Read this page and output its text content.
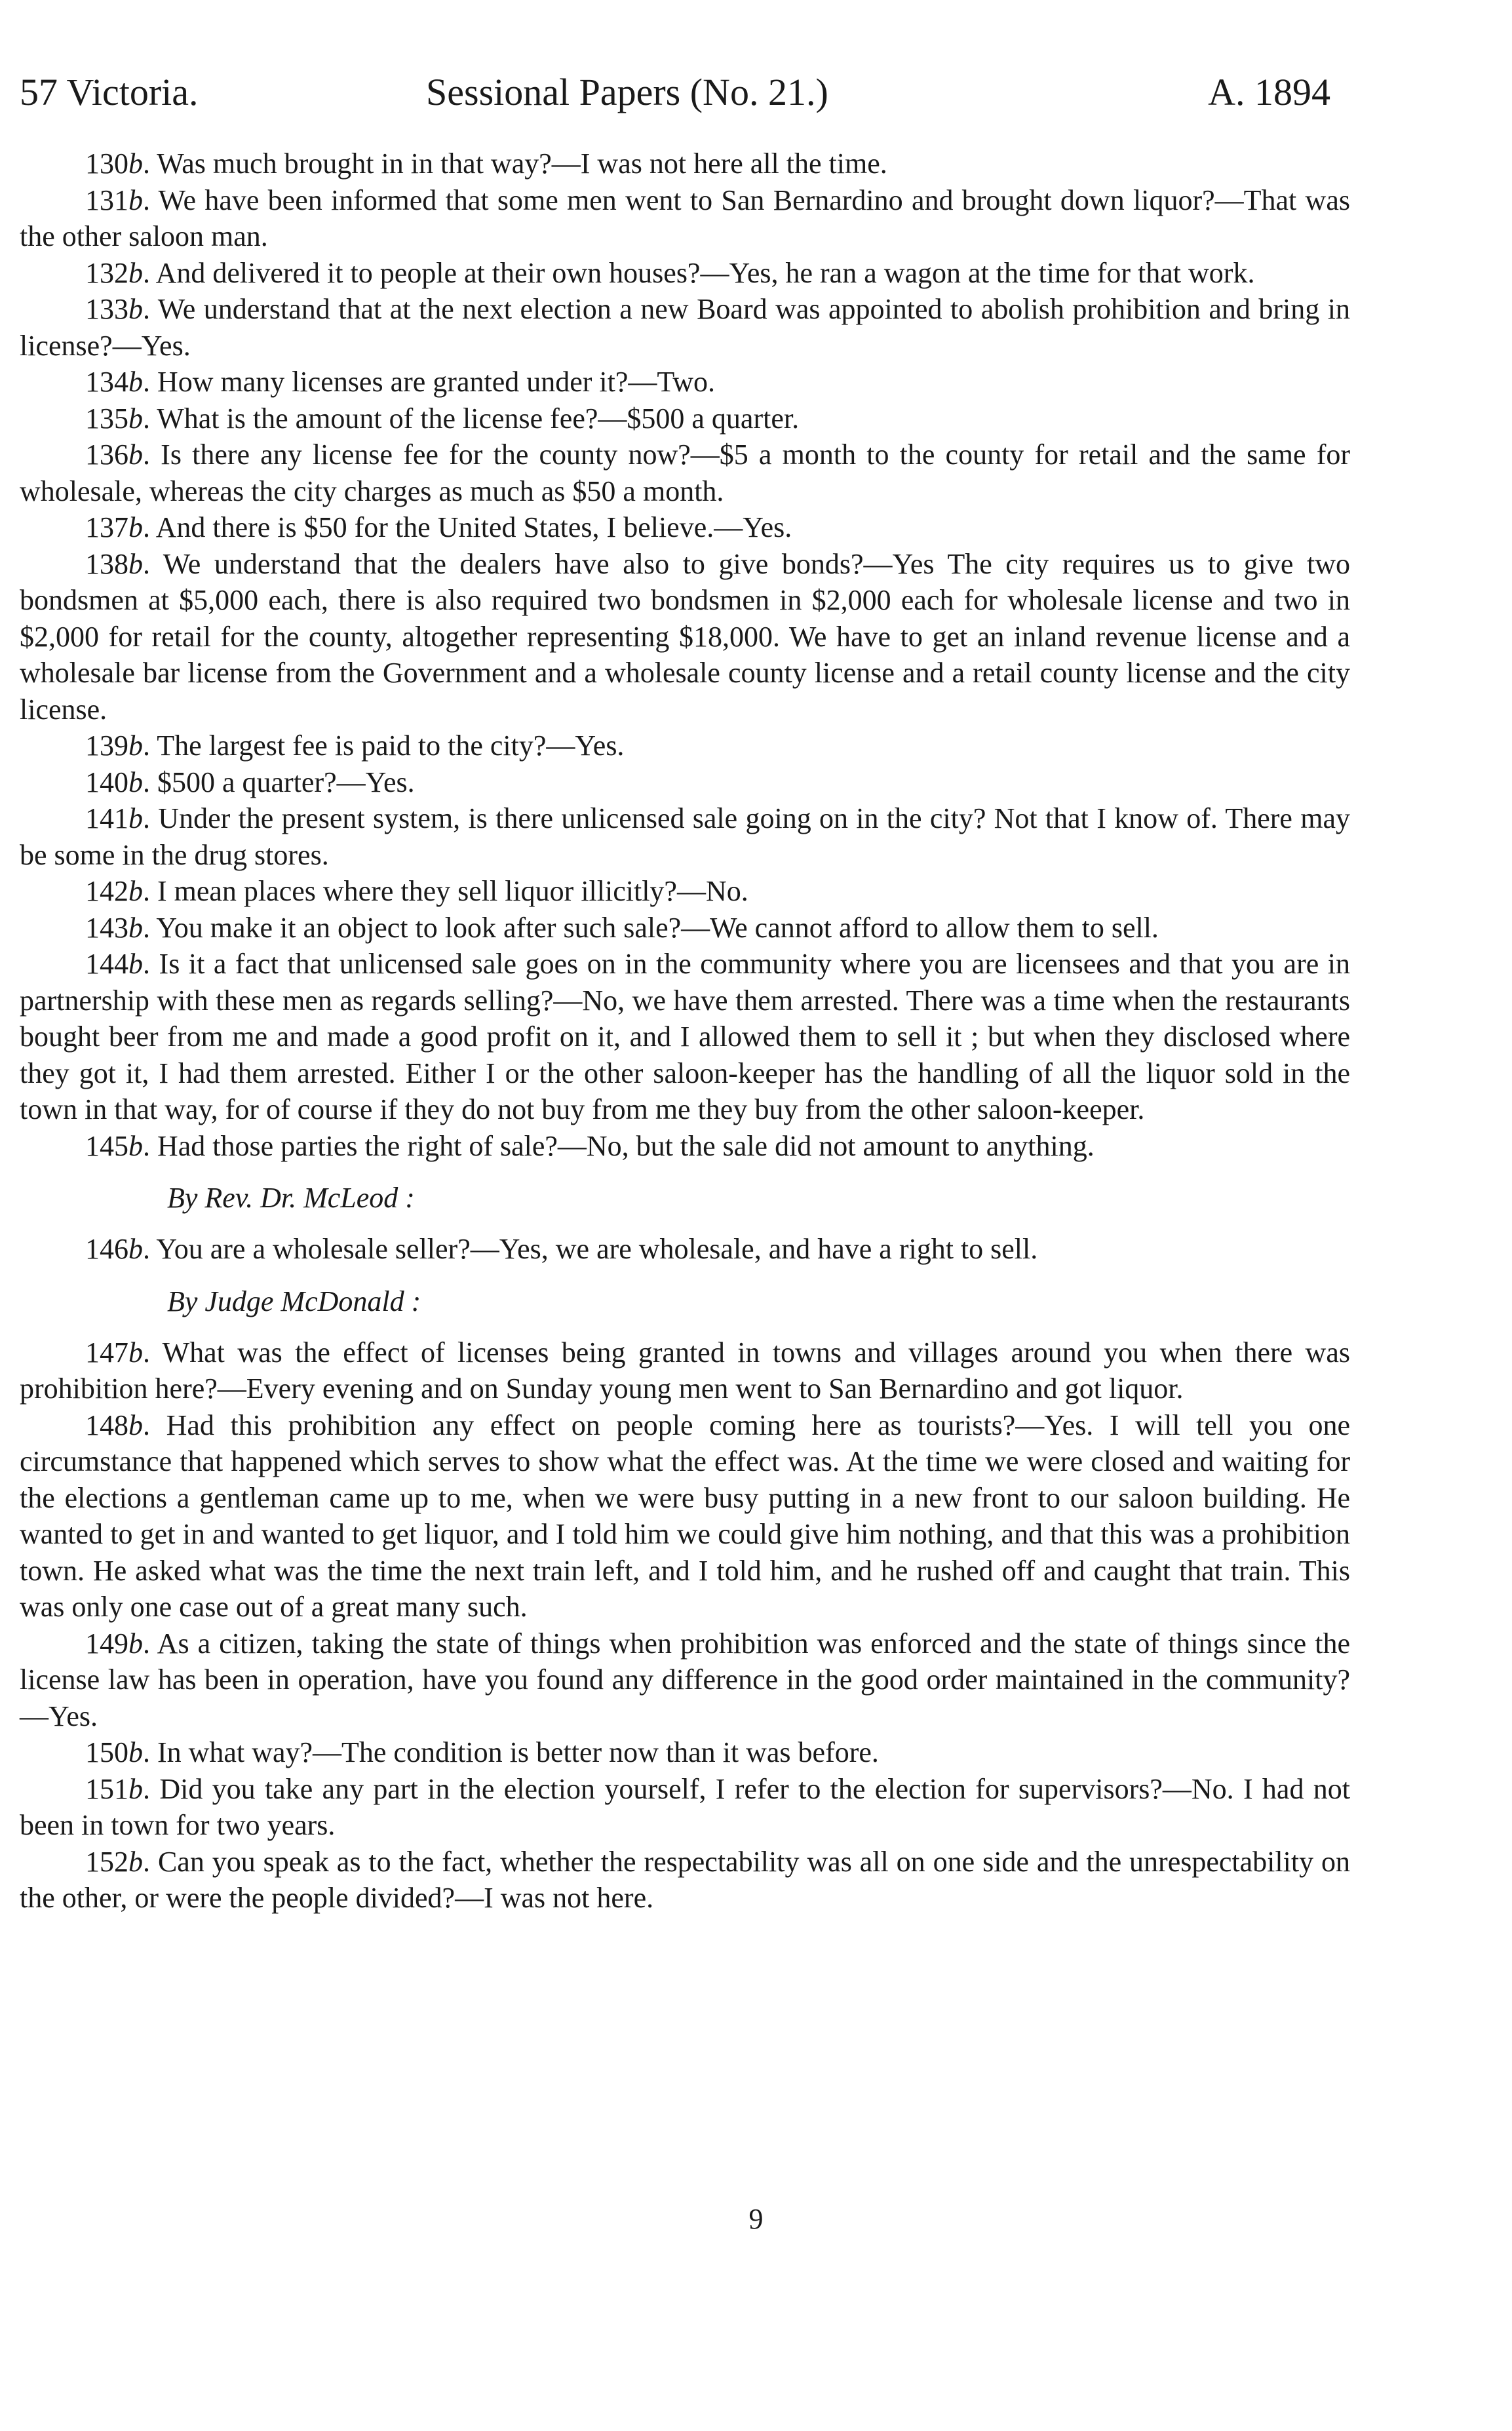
57 Victoria.	Sessional Papers (No. 21.)	A. 1894

130b. Was much brought in in that way?—I was not here all the time.

131b. We have been informed that some men went to San Bernardino and brought down liquor?—That was the other saloon man.

132b. And delivered it to people at their own houses?—Yes, he ran a wagon at the time for that work.

133b. We understand that at the next election a new Board was appointed to abolish prohibition and bring in license?—Yes.

134b. How many licenses are granted under it?—Two.

135b. What is the amount of the license fee?—$500 a quarter.

136b. Is there any license fee for the county now?—$5 a month to the county for retail and the same for wholesale, whereas the city charges as much as $50 a month.

137b. And there is $50 for the United States, I believe.—Yes.

138b. We understand that the dealers have also to give bonds?—Yes The city requires us to give two bondsmen at $5,000 each, there is also required two bondsmen in $2,000 each for wholesale license and two in $2,000 for retail for the county, altogether representing $18,000. We have to get an inland revenue license and a wholesale bar license from the Government and a wholesale county license and a retail county license and the city license.

139b. The largest fee is paid to the city?—Yes.

140b. $500 a quarter?—Yes.

141b. Under the present system, is there unlicensed sale going on in the city? Not that I know of. There may be some in the drug stores.

142b. I mean places where they sell liquor illicitly?—No.

143b. You make it an object to look after such sale?—We cannot afford to allow them to sell.

144b. Is it a fact that unlicensed sale goes on in the community where you are licensees and that you are in partnership with these men as regards selling?—No, we have them arrested. There was a time when the restaurants bought beer from me and made a good profit on it, and I allowed them to sell it ; but when they disclosed where they got it, I had them arrested. Either I or the other saloon-keeper has the handling of all the liquor sold in the town in that way, for of course if they do not buy from me they buy from the other saloon-keeper.

145b. Had those parties the right of sale?—No, but the sale did not amount to anything.

By Rev. Dr. McLeod :

146b. You are a wholesale seller?—Yes, we are wholesale, and have a right to sell.

By Judge McDonald :

147b. What was the effect of licenses being granted in towns and villages around you when there was prohibition here?—Every evening and on Sunday young men went to San Bernardino and got liquor.

148b. Had this prohibition any effect on people coming here as tourists?—Yes. I will tell you one circumstance that happened which serves to show what the effect was. At the time we were closed and waiting for the elections a gentleman came up to me, when we were busy putting in a new front to our saloon building. He wanted to get in and wanted to get liquor, and I told him we could give him nothing, and that this was a prohibition town. He asked what was the time the next train left, and I told him, and he rushed off and caught that train. This was only one case out of a great many such.

149b. As a citizen, taking the state of things when prohibition was enforced and the state of things since the license law has been in operation, have you found any difference in the good order maintained in the community?—Yes.

150b. In what way?—The condition is better now than it was before.

151b. Did you take any part in the election yourself, I refer to the election for supervisors?—No. I had not been in town for two years.

152b. Can you speak as to the fact, whether the respectability was all on one side and the unrespectability on the other, or were the people divided?—I was not here.

9
